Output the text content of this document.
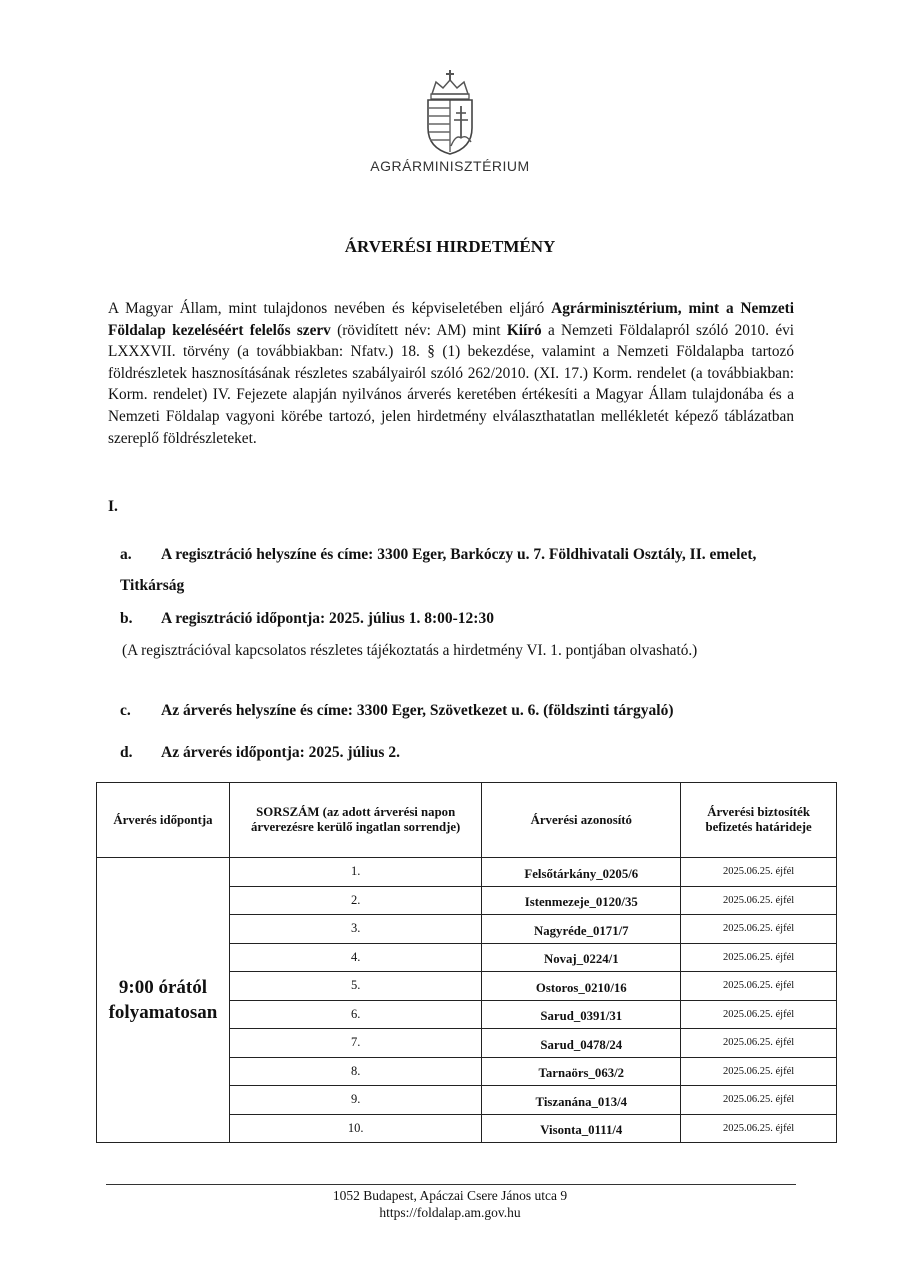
AGRÁRMINISZTÉRIUM
ÁRVERÉSI HIRDETMÉNY
A Magyar Állam, mint tulajdonos nevében és képviseletében eljáró Agrárminisztérium, mint a Nemzeti Földalap kezeléséért felelős szerv (rövidített név: AM) mint Kiíró a Nemzeti Földalapról szóló 2010. évi LXXXVII. törvény (a továbbiakban: Nfatv.) 18. § (1) bekezdése, valamint a Nemzeti Földalapba tartozó földrészletek hasznosításának részletes szabályairól szóló 262/2010. (XI. 17.) Korm. rendelet (a továbbiakban: Korm. rendelet) IV. Fejezete alapján nyilvános árverés keretében értékesíti a Magyar Állam tulajdonába és a Nemzeti Földalap vagyoni körébe tartozó, jelen hirdetmény elválaszthatatlan mellékletét képező táblázatban szereplő földrészleteket.
I.
a. A regisztráció helyszíne és címe: 3300 Eger, Barkóczy u. 7. Földhivatali Osztály, II. emelet, Titkárság
b. A regisztráció időpontja: 2025. július 1. 8:00-12:30
(A regisztrációval kapcsolatos részletes tájékoztatás a hirdetmény VI. 1. pontjában olvasható.)
c. Az árverés helyszíne és címe: 3300 Eger, Szövetkezet u. 6. (földszinti tárgyaló)
d. Az árverés időpontja: 2025. július 2.
Árverés időpontja	SORSZÁM (az adott árverési napon árverezésre kerülő ingatlan sorrendje)	Árverési azonosító	Árverési biztosíték befizetés határideje

9:00 órától
folyamatosan	1.	Felsőtárkány_0205/6	2025.06.25. éjfél
	2.	Istenmezeje_0120/35	2025.06.25. éjfél
	3.	Nagyréde_0171/7	2025.06.25. éjfél
	4.	Novaj_0224/1	2025.06.25. éjfél
	5.	Ostoros_0210/16	2025.06.25. éjfél
	6.	Sarud_0391/31	2025.06.25. éjfél
	7.	Sarud_0478/24	2025.06.25. éjfél
	8.	Tarnaörs_063/2	2025.06.25. éjfél
	9.	Tiszanána_013/4	2025.06.25. éjfél
	10.	Visonta_0111/4	2025.06.25. éjfél
1052 Budapest, Apáczai Csere János utca 9
https://foldalap.am.gov.hu
